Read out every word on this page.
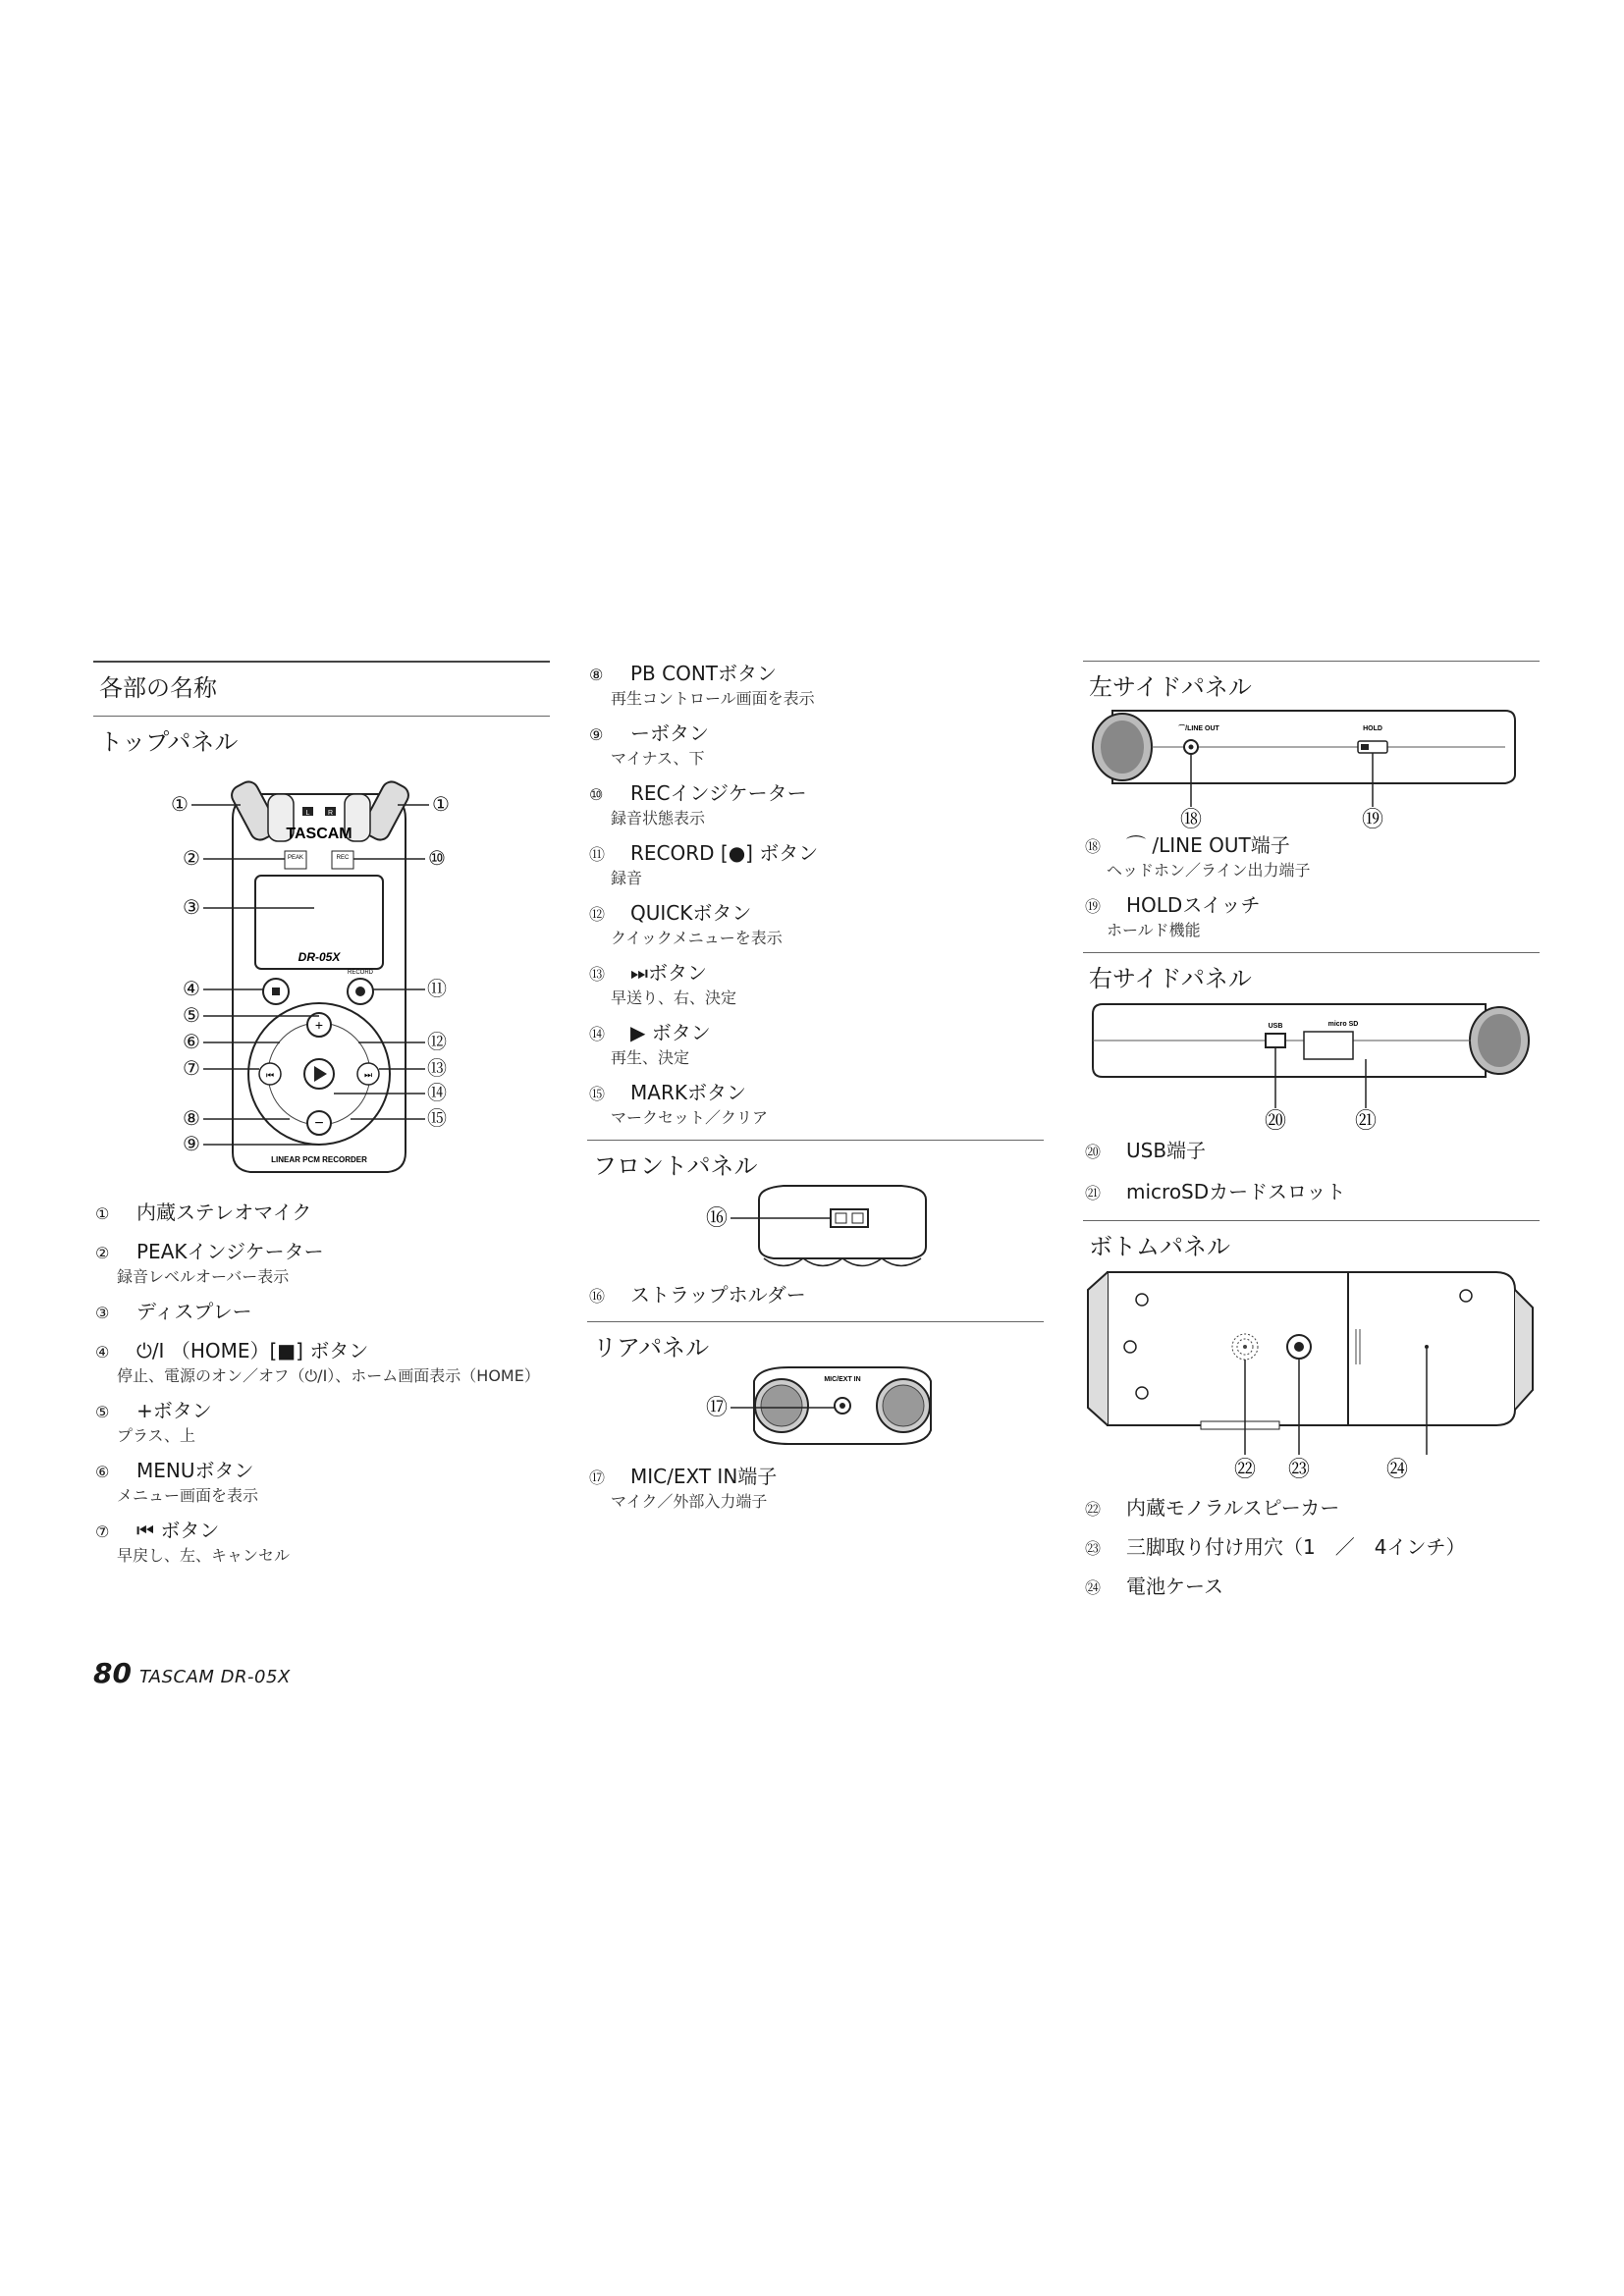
各部の名称
トップパネル
L	R
TASCAM
PEAK	REC
DR-05X
RECORD
+
−
⏮	⏭
LINEAR PCM RECORDER
①	①
②	⑩
③
④	⑪
⑤
⑥	⑫
⑦	⑬
⑭
⑧	⑮
⑨
①	内蔵ステレオマイク
②	PEAKインジケーター
録音レベルオーバー表示
③	ディスプレー
④	⏻/I （HOME）[■] ボタン
停止、電源のオン／オフ（⏻/I）、ホーム画面表示（HOME）
⑤	+ボタン
プラス、上
⑥	MENUボタン
メニュー画面を表示
⑦	⏮ ボタン
早戻し、左、キャンセル
⑧	PB CONTボタン
再生コントロール画面を表示
⑨	ーボタン
マイナス、下
⑩	RECインジケーター
録音状態表示
⑪	RECORD [●] ボタン
録音
⑫	QUICKボタン
クイックメニューを表示
⑬	⏭ボタン
早送り、右、決定
⑭	▶ ボタン
再生、決定
⑮	MARKボタン
マークセット／クリア
フロントパネル
⑯
⑯	ストラップホルダー
リアパネル
MIC/EXT IN
⑰
⑰	MIC/EXT IN端子
マイク／外部入力端子
左サイドパネル
⌒/LINE OUT	HOLD
⑱	⑲
⑱	⌒ /LINE OUT端子
ヘッドホン／ライン出力端子
⑲	HOLDスイッチ
ホールド機能
右サイドパネル
USB	micro SD
⑳	㉑
⑳	USB端子
㉑	microSDカードスロット
ボトムパネル
㉒ ㉓	㉔
㉒	内蔵モノラルスピーカー
㉓	三脚取り付け用穴（1　／　4インチ）
㉔	電池ケース
80 TASCAM DR-05X
